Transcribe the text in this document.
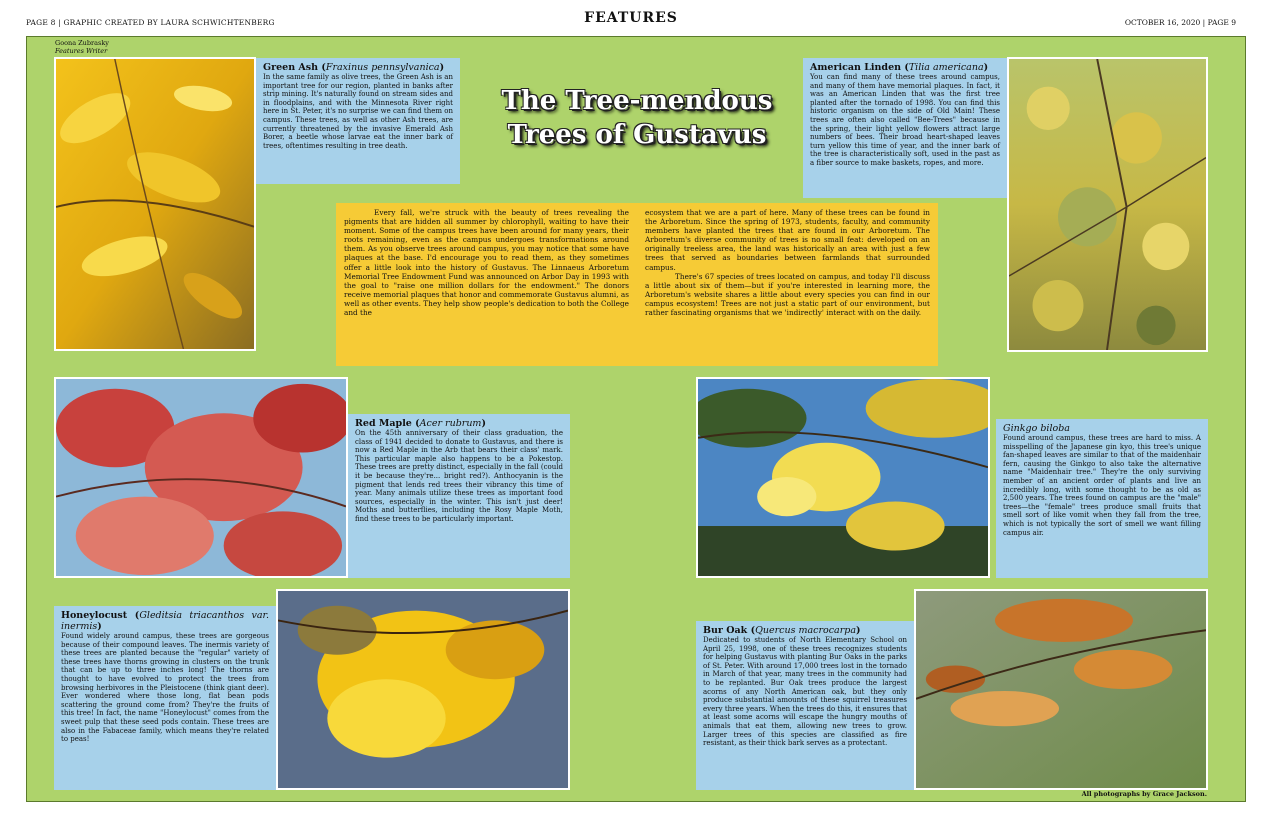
PAGE 8 | GRAPHIC CREATED BY LAURA SCHWICHTENBERG	FEATURES	OCTOBER 16, 2020 | PAGE 9
Goona Zubrasky
Features Writer
Green Ash (Fraxinus pennsylvanica)
In the same family as olive trees, the Green Ash is an important tree for our region, planted in banks after strip mining. It's naturally found on stream sides and in floodplains, and with the Minnesota River right here in St. Peter, it's no surprise we can find them on campus. These trees, as well as other Ash trees, are currently threatened by the invasive Emerald Ash Borer, a beetle whose larvae eat the inner bark of trees, oftentimes resulting in tree death.
The Tree-mendous
Trees of Gustavus
American Linden (Tilia americana)
You can find many of these trees around campus, and many of them have memorial plaques. In fact, it was an American Linden that was the first tree planted after the tornado of 1998. You can find this historic organism on the side of Old Main! These trees are often also called "Bee-Trees" because in the spring, their light yellow flowers attract large numbers of bees. Their broad heart-shaped leaves turn yellow this time of year, and the inner bark of the tree is characteristically soft, used in the past as a fiber source to make baskets, ropes, and more.

Every fall, we're struck with the beauty of trees revealing the pigments that are hidden all summer by chlorophyll, waiting to have their moment. Some of the campus trees have been around for many years, their roots remaining, even as the campus undergoes transformations around them. As you observe trees around campus, you may notice that some have plaques at the base. I'd encourage you to read them, as they sometimes offer a little look into the history of Gustavus. The Linnaeus Arboretum Memorial Tree Endowment Fund was announced on Arbor Day in 1993 with the goal to "raise one million dollars for the endowment." The donors receive memorial plaques that honor and commemorate Gustavus alumni, as well as other events. They help show people's dedication to both the College and the

ecosystem that we are a part of here. Many of these trees can be found in the Arboretum. Since the spring of 1973, students, faculty, and community members have planted the trees that are found in our Arboretum. The Arboretum's diverse community of trees is no small feat: developed on an originally treeless area, the land was historically an area with just a few trees that served as boundaries between farmlands that surrounded campus.

There's 67 species of trees located on campus, and today I'll discuss a little about six of them—but if you're interested in learning more, the Arboretum's website shares a little about every species you can find in our campus ecosystem! Trees are not just a static part of our environment, but rather fascinating organisms that we 'indirectly' interact with on the daily.

Red Maple (Acer rubrum)
On the 45th anniversary of their class graduation, the class of 1941 decided to donate to Gustavus, and there is now a Red Maple in the Arb that bears their class' mark. This particular maple also happens to be a Pokestop. These trees are pretty distinct, especially in the fall (could it be because they're... bright red?). Anthocyanin is the pigment that lends red trees their vibrancy this time of year. Many animals utilize these trees as important food sources, especially in the winter. This isn't just deer! Moths and butterflies, including the Rosy Maple Moth, find these trees to be particularly important.
Ginkgo biloba
Found around campus, these trees are hard to miss. A misspelling of the Japanese gin kyo, this tree's unique fan-shaped leaves are similar to that of the maidenhair fern, causing the Ginkgo to also take the alternative name "Maidenhair tree." They're the only surviving member of an ancient order of plants and live an incredibly long, with some thought to be as old as 2,500 years. The trees found on campus are the "male" trees—the "female" trees produce small fruits that smell sort of like vomit when they fall from the tree, which is not typically the sort of smell we want filling campus air.
Honeylocust (Gleditsia triacanthos var. inermis)
Found widely around campus, these trees are gorgeous because of their compound leaves. The inermis variety of these trees are planted because the "regular" variety of these trees have thorns growing in clusters on the trunk that can be up to three inches long! The thorns are thought to have evolved to protect the trees from browsing herbivores in the Pleistocene (think giant deer). Ever wondered where those long, flat bean pods scattering the ground come from? They're the fruits of this tree! In fact, the name "Honeylocust" comes from the sweet pulp that these seed pods contain. These trees are also in the Fabaceae family, which means they're related to peas!
Bur Oak (Quercus macrocarpa)
Dedicated to students of North Elementary School on April 25, 1998, one of these trees recognizes students for helping Gustavus with planting Bur Oaks in the parks of St. Peter. With around 17,000 trees lost in the tornado in March of that year, many trees in the community had to be replanted. Bur Oak trees produce the largest acorns of any North American oak, but they only produce substantial amounts of these squirrel treasures every three years. When the trees do this, it ensures that at least some acorns will escape the hungry mouths of animals that eat them, allowing new trees to grow. Larger trees of this species are classified as fire resistant, as their thick bark serves as a protectant.
All photographs by Grace Jackson.
